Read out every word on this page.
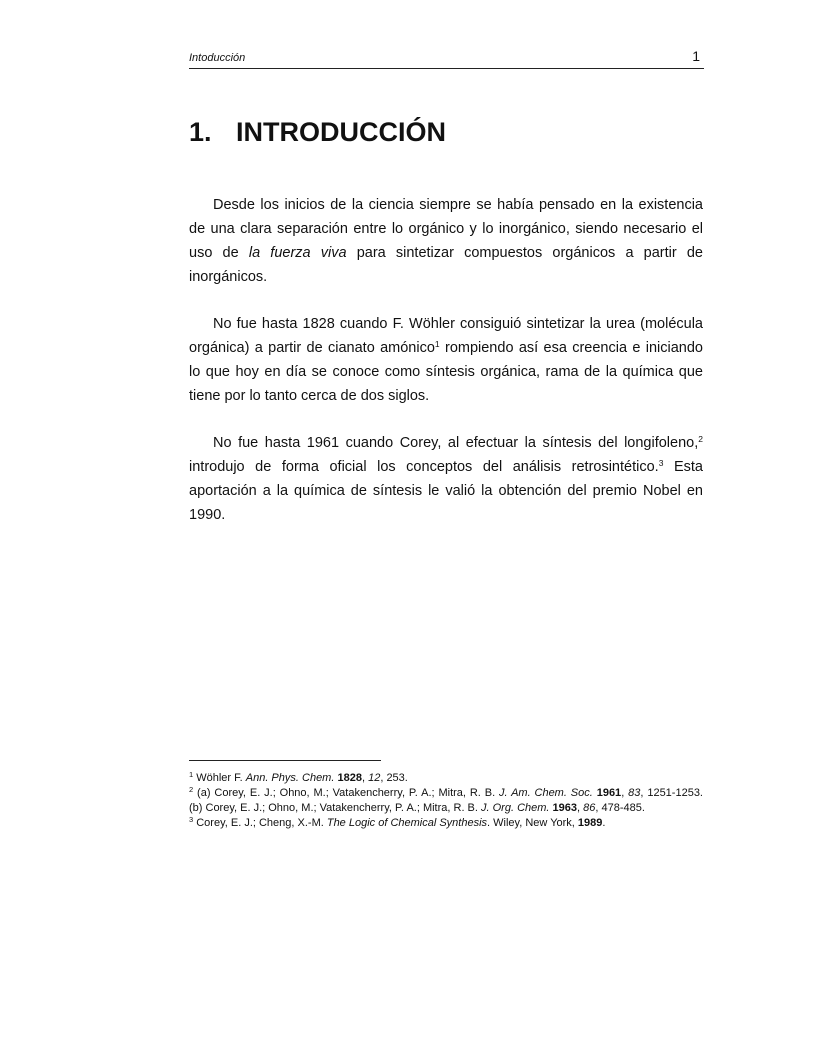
Intoducción	1
1. INTRODUCCIÓN

Desde los inicios de la ciencia siempre se había pensado en la existencia de una clara separación entre lo orgánico y lo inorgánico, siendo necesario el uso de la fuerza viva para sintetizar compuestos orgánicos a partir de inorgánicos.

No fue hasta 1828 cuando F. Wöhler consiguió sintetizar la urea (molécula orgánica) a partir de cianato amónico$^1$ rompiendo así esa creencia e iniciando lo que hoy en día se conoce como síntesis orgánica, rama de la química que tiene por lo tanto cerca de dos siglos.

No fue hasta 1961 cuando Corey, al efectuar la síntesis del longifoleno,$^2$ introdujo de forma oficial los conceptos del análisis retrosintético.$^3$ Esta aportación a la química de síntesis le valió la obtención del premio Nobel en 1990.

$^1$ Wöhler F. Ann. Phys. Chem. 1828, 12, 253.

$^2$ (a) Corey, E. J.; Ohno, M.; Vatakencherry, P. A.; Mitra, R. B. J. Am. Chem. Soc. 1961, 83, 1251-1253. (b) Corey, E. J.; Ohno, M.; Vatakencherry, P. A.; Mitra, R. B. J. Org. Chem. 1963, 86, 478-485.

$^3$ Corey, E. J.; Cheng, X.-M. The Logic of Chemical Synthesis. Wiley, New York, 1989.
